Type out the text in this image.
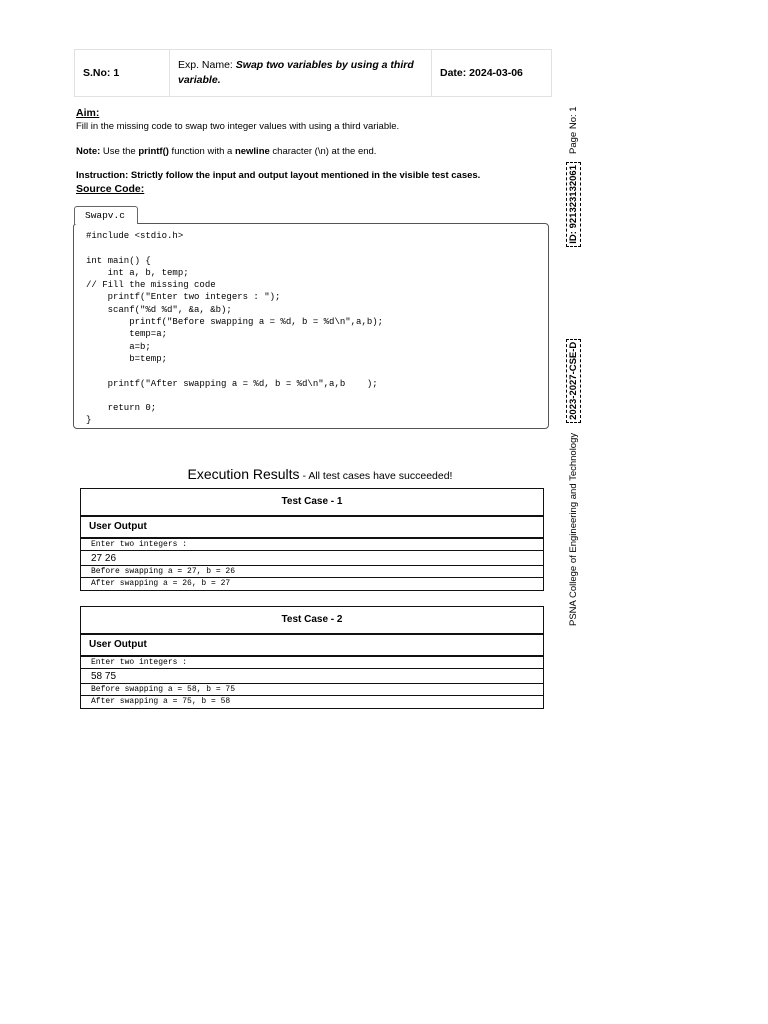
S.No: 1
Exp. Name: Swap two variables by using a third variable.
Date: 2024-03-06
Aim:
Fill in the missing code to swap two integer values with using a third variable.
Note: Use the printf() function with a newline character (\n) at the end.
Instruction: Strictly follow the input and output layout mentioned in the visible test cases.
Source Code:
Swapv.c
#include <stdio.h>

int main() {
int a, b, temp;
// Fill the missing code
printf("Enter two integers : ");
scanf("%d %d", &a, &b);
printf("Before swapping a = %d, b = %d\n",a,b);
temp=a;
a=b;
b=temp;

printf("After swapping a = %d, b = %d\n",a,b    );

return 0;
}
Execution Results - All test cases have succeeded!
Test Case - 1
User Output
Enter two integers :
27 26
Before swapping a = 27, b = 26
After swapping a = 26, b = 27
Test Case - 2
User Output
Enter two integers :
58 75
Before swapping a = 58, b = 75
After swapping a = 75, b = 58
PSNA College of Engineering and Technology2023-2027-CSE-DID: 921323132061Page No: 1
